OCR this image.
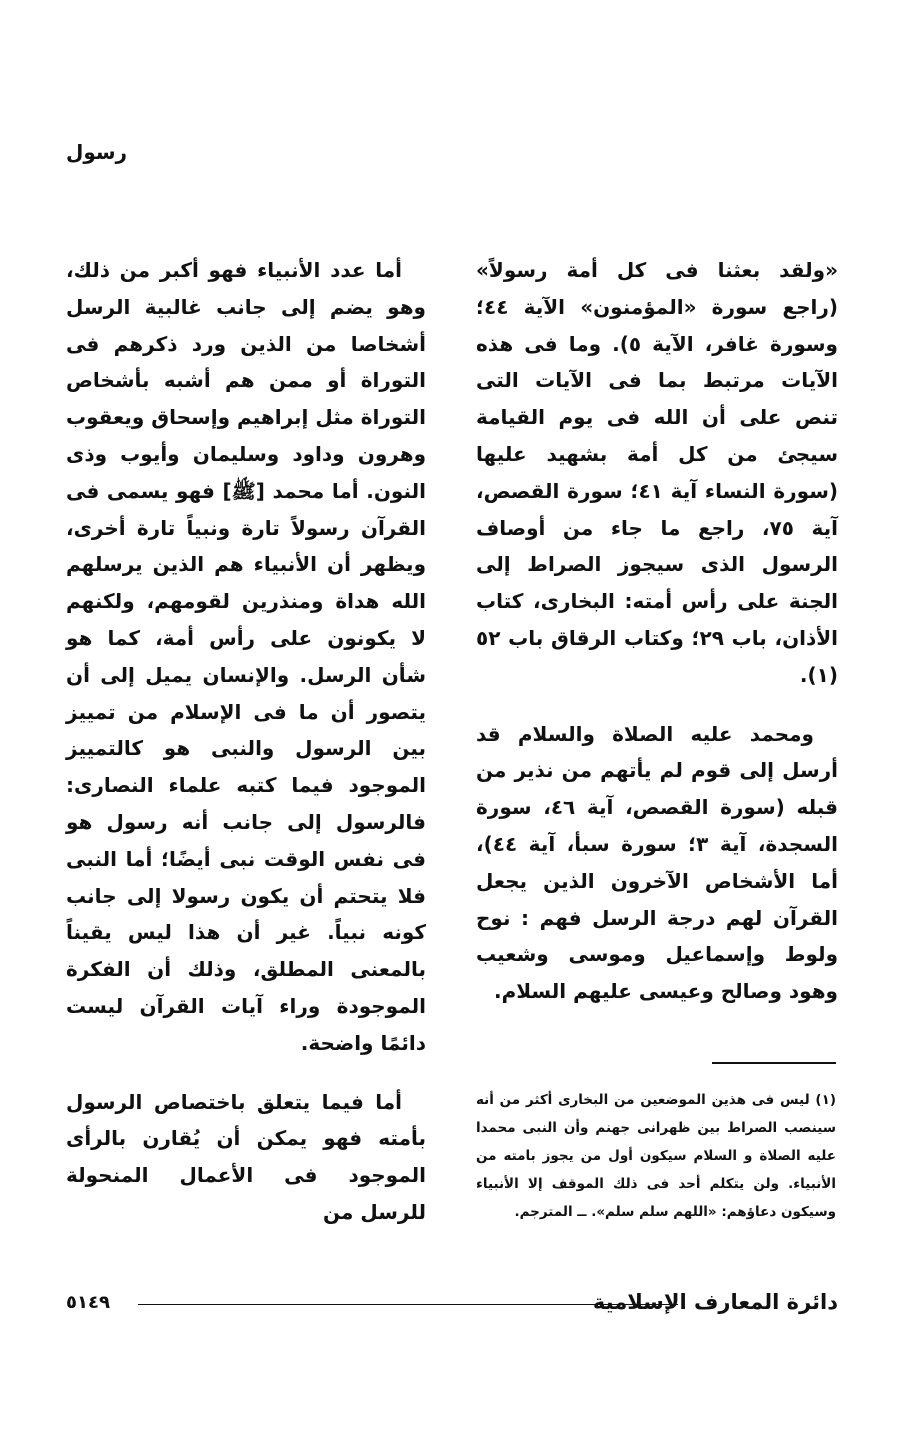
رسول

«ولقد بعثنا فى كل أمة رسولاً» (راجع سورة «المؤمنون» الآية ٤٤؛ وسورة غافر، الآية ٥). وما فى هذه الآيات مرتبط بما فى الآيات التى تنص على أن الله فى يوم القيامة سيجئ من كل أمة بشهيد عليها (سورة النساء آية ٤١؛ سورة القصص، آية ٧٥، راجع ما جاء من أوصاف الرسول الذى سيجوز الصراط إلى الجنة على رأس أمته: البخارى، كتاب الأذان، باب ٢٩؛ وكتاب الرقاق باب ٥٢ (١).

ومحمد عليه الصلاة والسلام قد أرسل إلى قوم لم يأتهم من نذير من قبله (سورة القصص، آية ٤٦، سورة السجدة، آية ٣؛ سورة سبأ، آية ٤٤)، أما الأشخاص الآخرون الذين يجعل القرآن لهم درجة الرسل فهم : نوح ولوط وإسماعيل وموسى وشعيب وهود وصالح وعيسى عليهم السلام.

(١) ليس فى هذين الموضعين من البخارى أكثر من أنه سينصب الصراط بين ظهرانى جهنم وأن النبى محمدا عليه الصلاة و السلام سيكون أول من يجوز بامته من الأنبياء. ولن يتكلم أحد فى ذلك الموقف إلا الأنبياء وسيكون دعاؤهم: «اللهم سلم سلم». ــ المترجم.

أما عدد الأنبياء فهو أكبر من ذلك، وهو يضم إلى جانب غالبية الرسل أشخاصا من الذين ورد ذكرهم فى التوراة أو ممن هم أشبه بأشخاص التوراة مثل إبراهيم وإسحاق ويعقوب وهرون وداود وسليمان وأيوب وذى النون. أما محمد [ﷺ] فهو يسمى فى القرآن رسولاً تارة ونبياً تارة أخرى، ويظهر أن الأنبياء هم الذين يرسلهم الله هداة ومنذرين لقومهم، ولكنهم لا يكونون على رأس أمة، كما هو شأن الرسل. والإنسان يميل إلى أن يتصور أن ما فى الإسلام من تمييز بين الرسول والنبى هو كالتمييز الموجود فيما كتبه علماء النصارى: فالرسول إلى جانب أنه رسول هو فى نفس الوقت نبى أيضًا؛ أما النبى فلا يتحتم أن يكون رسولا إلى جانب كونه نبياً. غير أن هذا ليس يقيناً بالمعنى المطلق، وذلك أن الفكرة الموجودة وراء آيات القرآن ليست دائمًا واضحة.

أما فيما يتعلق باختصاص الرسول بأمته فهو يمكن أن يُقارن بالرأى الموجود فى الأعمال المنحولة للرسل من

دائرة المعارف الإسلامية
٥١٤٩
